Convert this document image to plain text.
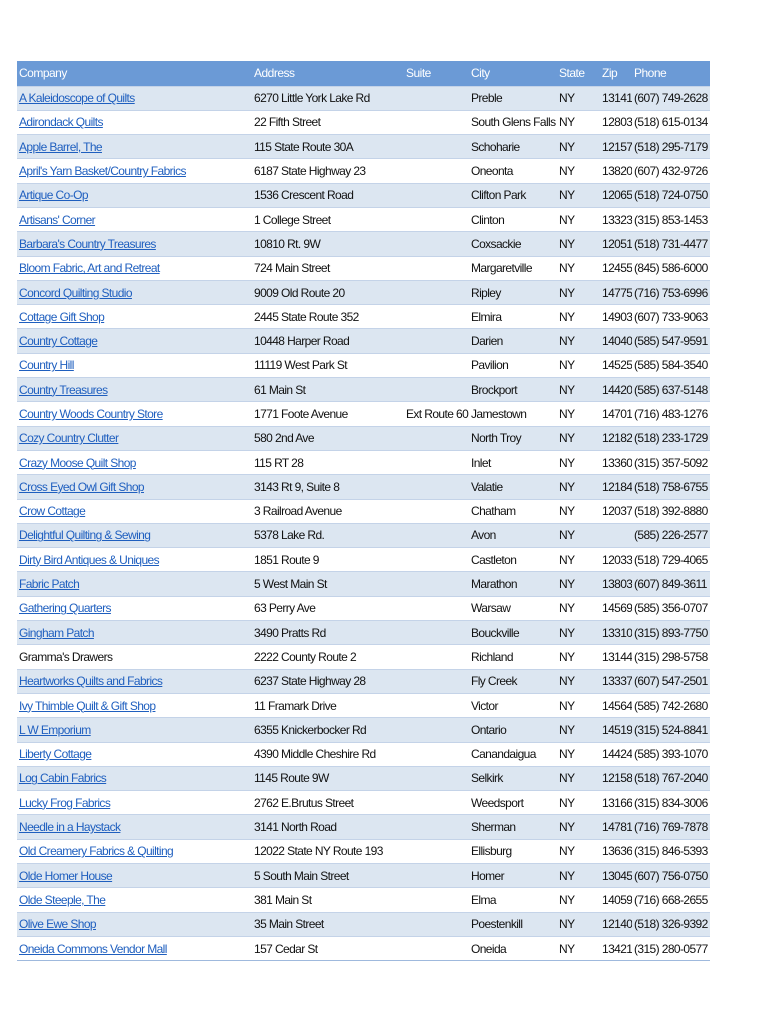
Company	Address	Suite	City	State	Zip	Phone
A Kaleidoscope of Quilts	6270 Little York Lake Rd		Preble	NY	13141	(607) 749-2628
Adirondack Quilts	22 Fifth Street		South Glens Falls	NY	12803	(518) 615-0134
Apple Barrel, The	115 State Route 30A		Schoharie	NY	12157	(518) 295-7179
April's Yarn Basket/Country Fabrics	6187 State Highway 23		Oneonta	NY	13820	(607) 432-9726
Artique Co-Op	1536 Crescent Road		Clifton Park	NY	12065	(518) 724-0750
Artisans' Corner	1 College Street		Clinton	NY	13323	(315) 853-1453
Barbara's Country Treasures	10810 Rt. 9W		Coxsackie	NY	12051	(518) 731-4477
Bloom Fabric, Art and Retreat	724 Main Street		Margaretville	NY	12455	(845) 586-6000
Concord Quilting Studio	9009 Old Route 20		Ripley	NY	14775	(716) 753-6996
Cottage Gift Shop	2445 State Route 352		Elmira	NY	14903	(607) 733-9063
Country Cottage	10448 Harper Road		Darien	NY	14040	(585) 547-9591
Country Hill	11119 West Park St		Pavilion	NY	14525	(585) 584-3540
Country Treasures	61 Main St		Brockport	NY	14420	(585) 637-5148
Country Woods Country Store	1771 Foote Avenue	Ext Route 60	Jamestown	NY	14701	(716) 483-1276
Cozy Country Clutter	580 2nd Ave		North Troy	NY	12182	(518) 233-1729
Crazy Moose Quilt Shop	115 RT 28		Inlet	NY	13360	(315) 357-5092
Cross Eyed Owl Gift Shop	3143 Rt 9, Suite 8		Valatie	NY	12184	(518) 758-6755
Crow Cottage	3 Railroad Avenue		Chatham	NY	12037	(518) 392-8880
Delightful Quilting & Sewing	5378 Lake Rd.		Avon	NY		(585) 226-2577
Dirty Bird Antiques & Uniques	1851 Route 9		Castleton	NY	12033	(518) 729-4065
Fabric Patch	5 West Main St		Marathon	NY	13803	(607) 849-3611
Gathering Quarters	63 Perry Ave		Warsaw	NY	14569	(585) 356-0707
Gingham Patch	3490 Pratts Rd		Bouckville	NY	13310	(315) 893-7750
Gramma's Drawers	2222 County Route 2		Richland	NY	13144	(315) 298-5758
Heartworks Quilts and Fabrics	6237 State Highway 28		Fly Creek	NY	13337	(607) 547-2501
Ivy Thimble Quilt & Gift Shop	11 Framark Drive		Victor	NY	14564	(585) 742-2680
L W Emporium	6355 Knickerbocker Rd		Ontario	NY	14519	(315) 524-8841
Liberty Cottage	4390 Middle Cheshire Rd		Canandaigua	NY	14424	(585) 393-1070
Log Cabin Fabrics	1145 Route 9W		Selkirk	NY	12158	(518) 767-2040
Lucky Frog Fabrics	2762 E.Brutus Street		Weedsport	NY	13166	(315) 834-3006
Needle in a Haystack	3141 North Road		Sherman	NY	14781	(716) 769-7878
Old Creamery Fabrics & Quilting	12022 State NY Route 193		Ellisburg	NY	13636	(315) 846-5393
Olde Homer House	5 South Main Street		Homer	NY	13045	(607) 756-0750
Olde Steeple, The	381 Main St		Elma	NY	14059	(716) 668-2655
Olive Ewe Shop	35 Main Street		Poestenkill	NY	12140	(518) 326-9392
Oneida Commons Vendor Mall	157 Cedar St		Oneida	NY	13421	(315) 280-0577
